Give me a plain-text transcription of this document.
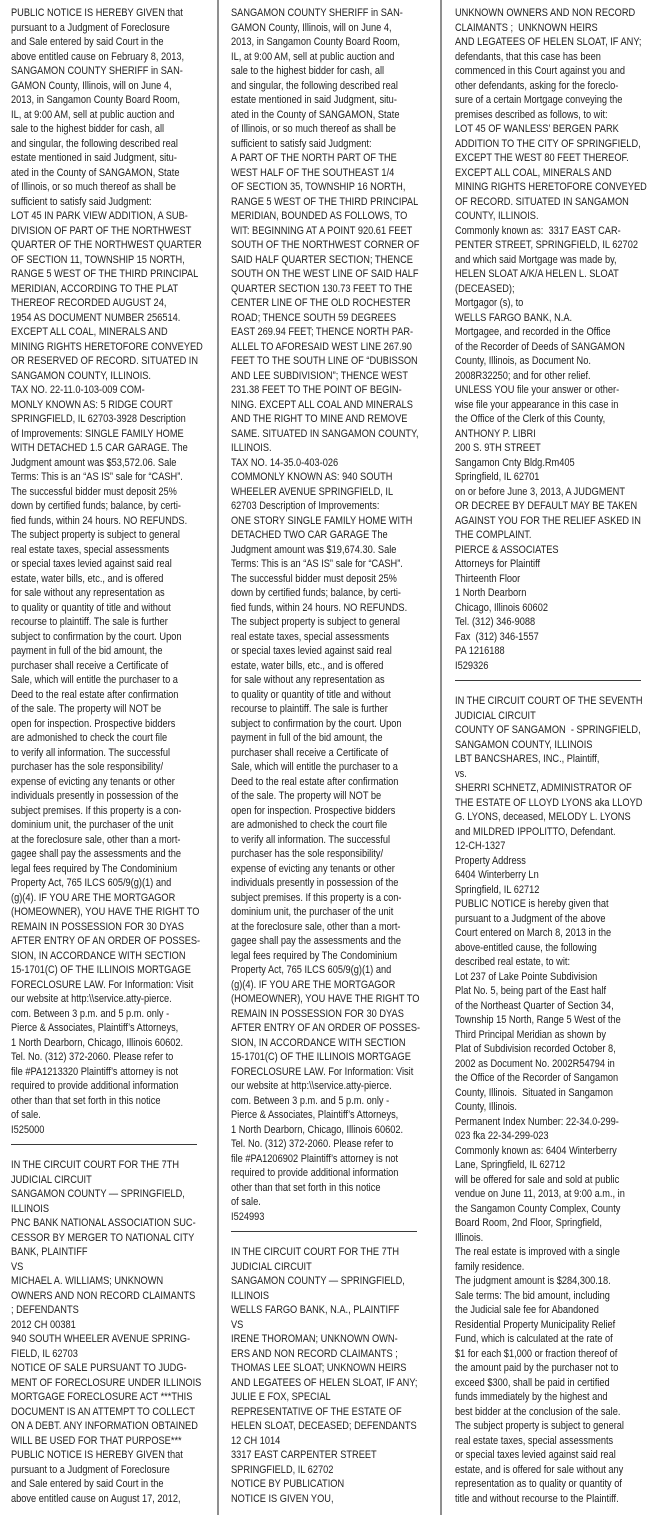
PUBLIC NOTICE IS HEREBY GIVEN that
pursuant to a Judgment of Foreclosure
and Sale entered by said Court in the
above entitled cause on February 8, 2013,
SANGAMON COUNTY SHERIFF in SAN-
GAMON County, Illinois, will on June 4,
2013, in Sangamon County Board Room,
IL, at 9:00 AM, sell at public auction and
sale to the highest bidder for cash, all
and singular, the following described real
estate mentioned in said Judgment, situ-
ated in the County of SANGAMON, State
of Illinois, or so much thereof as shall be
sufficient to satisfy said Judgment:
LOT 45 IN PARK VIEW ADDITION, A SUB-
DIVISION OF PART OF THE NORTHWEST
QUARTER OF THE NORTHWEST QUARTER
OF SECTION 11, TOWNSHIP 15 NORTH,
RANGE 5 WEST OF THE THIRD PRINCIPAL
MERIDIAN, ACCORDING TO THE PLAT
THEREOF RECORDED AUGUST 24,
1954 AS DOCUMENT NUMBER 256514.
EXCEPT ALL COAL, MINERALS AND
MINING RIGHTS HERETOFORE CONVEYED
OR RESERVED OF RECORD. SITUATED IN
SANGAMON COUNTY, ILLINOIS.
TAX NO. 22-11.0-103-009 COM-
MONLY KNOWN AS: 5 RIDGE COURT
SPRINGFIELD, IL 62703-3928 Description
of Improvements: SINGLE FAMILY HOME
WITH DETACHED 1.5 CAR GARAGE. The
Judgment amount was $53,572.06. Sale
Terms: This is an “AS IS” sale for “CASH”.
The successful bidder must deposit 25%
down by certified funds; balance, by certi-
fied funds, within 24 hours. NO REFUNDS.
The subject property is subject to general
real estate taxes, special assessments
or special taxes levied against said real
estate, water bills, etc., and is offered
for sale without any representation as
to quality or quantity of title and without
recourse to plaintiff. The sale is further
subject to confirmation by the court. Upon
payment in full of the bid amount, the
purchaser shall receive a Certificate of
Sale, which will entitle the purchaser to a
Deed to the real estate after confirmation
of the sale. The property will NOT be
open for inspection. Prospective bidders
are admonished to check the court file
to verify all information. The successful
purchaser has the sole responsibility/
expense of evicting any tenants or other
individuals presently in possession of the
subject premises. If this property is a con-
dominium unit, the purchaser of the unit
at the foreclosure sale, other than a mort-
gagee shall pay the assessments and the
legal fees required by The Condominium
Property Act, 765 ILCS 605/9(g)(1) and
(g)(4). IF YOU ARE THE MORTGAGOR
(HOMEOWNER), YOU HAVE THE RIGHT TO
REMAIN IN POSSESSION FOR 30 DYAS
AFTER ENTRY OF AN ORDER OF POSSES-
SION, IN ACCORDANCE WITH SECTION
15-1701(C) OF THE ILLINOIS MORTGAGE
FORECLOSURE LAW. For Information: Visit
our website at http:\\service.atty-pierce.
com. Between 3 p.m. and 5 p.m. only -
Pierce & Associates, Plaintiff’s Attorneys,
1 North Dearborn, Chicago, Illinois 60602.
Tel. No. (312) 372-2060. Please refer to
file #PA1213320 Plaintiff’s attorney is not
required to provide additional information
other than that set forth in this notice
of sale.
I525000
IN THE CIRCUIT COURT FOR THE 7TH
JUDICIAL CIRCUIT
SANGAMON COUNTY — SPRINGFIELD,
ILLINOIS
PNC BANK NATIONAL ASSOCIATION SUC-
CESSOR BY MERGER TO NATIONAL CITY
BANK, PLAINTIFF
VS
MICHAEL A. WILLIAMS; UNKNOWN
OWNERS AND NON RECORD CLAIMANTS
; DEFENDANTS
2012 CH 00381
940 SOUTH WHEELER AVENUE SPRING-
FIELD, IL 62703
NOTICE OF SALE PURSUANT TO JUDG-
MENT OF FORECLOSURE UNDER ILLINOIS
MORTGAGE FORECLOSURE ACT ***THIS
DOCUMENT IS AN ATTEMPT TO COLLECT
ON A DEBT. ANY INFORMATION OBTAINED
WILL BE USED FOR THAT PURPOSE***
PUBLIC NOTICE IS HEREBY GIVEN that
pursuant to a Judgment of Foreclosure
and Sale entered by said Court in the
above entitled cause on August 17, 2012,
SANGAMON COUNTY SHERIFF in SAN-
GAMON County, Illinois, will on June 4,
2013, in Sangamon County Board Room,
IL, at 9:00 AM, sell at public auction and
sale to the highest bidder for cash, all
and singular, the following described real
estate mentioned in said Judgment, situ-
ated in the County of SANGAMON, State
of Illinois, or so much thereof as shall be
sufficient to satisfy said Judgment:
A PART OF THE NORTH PART OF THE
WEST HALF OF THE SOUTHEAST 1/4
OF SECTION 35, TOWNSHIP 16 NORTH,
RANGE 5 WEST OF THE THIRD PRINCIPAL
MERIDIAN, BOUNDED AS FOLLOWS, TO
WIT: BEGINNING AT A POINT 920.61 FEET
SOUTH OF THE NORTHWEST CORNER OF
SAID HALF QUARTER SECTION; THENCE
SOUTH ON THE WEST LINE OF SAID HALF
QUARTER SECTION 130.73 FEET TO THE
CENTER LINE OF THE OLD ROCHESTER
ROAD; THENCE SOUTH 59 DEGREES
EAST 269.94 FEET; THENCE NORTH PAR-
ALLEL TO AFORESAID WEST LINE 267.90
FEET TO THE SOUTH LINE OF “DUBISSON
AND LEE SUBDIVISION”; THENCE WEST
231.38 FEET TO THE POINT OF BEGIN-
NING. EXCEPT ALL COAL AND MINERALS
AND THE RIGHT TO MINE AND REMOVE
SAME. SITUATED IN SANGAMON COUNTY,
ILLINOIS.
TAX NO. 14-35.0-403-026
COMMONLY KNOWN AS: 940 SOUTH
WHEELER AVENUE SPRINGFIELD, IL
62703 Description of Improvements:
ONE STORY SINGLE FAMILY HOME WITH
DETACHED TWO CAR GARAGE The
Judgment amount was $19,674.30. Sale
Terms: This is an “AS IS” sale for “CASH”.
The successful bidder must deposit 25%
down by certified funds; balance, by certi-
fied funds, within 24 hours. NO REFUNDS.
The subject property is subject to general
real estate taxes, special assessments
or special taxes levied against said real
estate, water bills, etc., and is offered
for sale without any representation as
to quality or quantity of title and without
recourse to plaintiff. The sale is further
subject to confirmation by the court. Upon
payment in full of the bid amount, the
purchaser shall receive a Certificate of
Sale, which will entitle the purchaser to a
Deed to the real estate after confirmation
of the sale. The property will NOT be
open for inspection. Prospective bidders
are admonished to check the court file
to verify all information. The successful
purchaser has the sole responsibility/
expense of evicting any tenants or other
individuals presently in possession of the
subject premises. If this property is a con-
dominium unit, the purchaser of the unit
at the foreclosure sale, other than a mort-
gagee shall pay the assessments and the
legal fees required by The Condominium
Property Act, 765 ILCS 605/9(g)(1) and
(g)(4). IF YOU ARE THE MORTGAGOR
(HOMEOWNER), YOU HAVE THE RIGHT TO
REMAIN IN POSSESSION FOR 30 DYAS
AFTER ENTRY OF AN ORDER OF POSSES-
SION, IN ACCORDANCE WITH SECTION
15-1701(C) OF THE ILLINOIS MORTGAGE
FORECLOSURE LAW. For Information: Visit
our website at http:\\service.atty-pierce.
com. Between 3 p.m. and 5 p.m. only -
Pierce & Associates, Plaintiff’s Attorneys,
1 North Dearborn, Chicago, Illinois 60602.
Tel. No. (312) 372-2060. Please refer to
file #PA1206902 Plaintiff’s attorney is not
required to provide additional information
other than that set forth in this notice
of sale.
I524993
IN THE CIRCUIT COURT FOR THE 7TH
JUDICIAL CIRCUIT
SANGAMON COUNTY — SPRINGFIELD,
ILLINOIS
WELLS FARGO BANK, N.A., PLAINTIFF
VS
IRENE THOROMAN; UNKNOWN OWN-
ERS AND NON RECORD CLAIMANTS ;
THOMAS LEE SLOAT; UNKNOWN HEIRS
AND LEGATEES OF HELEN SLOAT, IF ANY;
JULIE E FOX, SPECIAL
REPRESENTATIVE OF THE ESTATE OF
HELEN SLOAT, DECEASED; DEFENDANTS
12 CH 1014
3317 EAST CARPENTER STREET
SPRINGFIELD, IL 62702
NOTICE BY PUBLICATION
NOTICE IS GIVEN YOU,
UNKNOWN OWNERS AND NON RECORD
CLAIMANTS ;  UNKNOWN HEIRS
AND LEGATEES OF HELEN SLOAT, IF ANY;
defendants, that this case has been
commenced in this Court against you and
other defendants, asking for the foreclo-
sure of a certain Mortgage conveying the
premises described as follows, to wit:
LOT 45 OF WANLESS’ BERGEN PARK
ADDITION TO THE CITY OF SPRINGFIELD,
EXCEPT THE WEST 80 FEET THEREOF.
EXCEPT ALL COAL, MINERALS AND
MINING RIGHTS HERETOFORE CONVEYED
OF RECORD. SITUATED IN SANGAMON
COUNTY, ILLINOIS.
Commonly known as:  3317 EAST CAR-
PENTER STREET, SPRINGFIELD, IL 62702
and which said Mortgage was made by,
HELEN SLOAT A/K/A HELEN L. SLOAT
(DECEASED);
Mortgagor (s), to
WELLS FARGO BANK, N.A.
Mortgagee, and recorded in the Office
of the Recorder of Deeds of SANGAMON
County, Illinois, as Document No.
2008R32250; and for other relief.
UNLESS YOU file your answer or other-
wise file your appearance in this case in
the Office of the Clerk of this County,
ANTHONY P. LIBRI
200 S. 9TH STREET
Sangamon Cnty Bldg.Rm405
Springfield, IL 62701
on or before June 3, 2013, A JUDGMENT
OR DECREE BY DEFAULT MAY BE TAKEN
AGAINST YOU FOR THE RELIEF ASKED IN
THE COMPLAINT.
PIERCE & ASSOCIATES
Attorneys for Plaintiff
Thirteenth Floor
1 North Dearborn
Chicago, Illinois 60602
Tel. (312) 346-9088
Fax  (312) 346-1557
PA 1216188
I529326
IN THE CIRCUIT COURT OF THE SEVENTH
JUDICIAL CIRCUIT
COUNTY OF SANGAMON  - SPRINGFIELD,
SANGAMON COUNTY, ILLINOIS
LBT BANCSHARES, INC., Plaintiff,
vs.
SHERRI SCHNETZ, ADMINISTRATOR OF
THE ESTATE OF LLOYD LYONS aka LLOYD
G. LYONS, deceased, MELODY L. LYONS
and MILDRED IPPOLITTO, Defendant.
12-CH-1327
Property Address
6404 Winterberry Ln
Springfield, IL 62712
PUBLIC NOTICE is hereby given that
pursuant to a Judgment of the above
Court entered on March 8, 2013 in the
above-entitled cause, the following
described real estate, to wit:
Lot 237 of Lake Pointe Subdivision
Plat No. 5, being part of the East half
of the Northeast Quarter of Section 34,
Township 15 North, Range 5 West of the
Third Principal Meridian as shown by
Plat of Subdivision recorded October 8,
2002 as Document No. 2002R54794 in
the Office of the Recorder of Sangamon
County, Illinois.  Situated in Sangamon
County, Illinois.
Permanent Index Number: 22-34.0-299-
023 fka 22-34-299-023
Commonly known as: 6404 Winterberry
Lane, Springfield, IL 62712
will be offered for sale and sold at public
vendue on June 11, 2013, at 9:00 a.m., in
the Sangamon County Complex, County
Board Room, 2nd Floor, Springfield,
Illinois.
The real estate is improved with a single
family residence.
The judgment amount is $284,300.18.
Sale terms: The bid amount, including
the Judicial sale fee for Abandoned
Residential Property Municipality Relief
Fund, which is calculated at the rate of
$1 for each $1,000 or fraction thereof of
the amount paid by the purchaser not to
exceed $300, shall be paid in certified
funds immediately by the highest and
best bidder at the conclusion of the sale.
The subject property is subject to general
real estate taxes, special assessments
or special taxes levied against said real
estate, and is offered for sale without any
representation as to quality or quantity of
title and without recourse to the Plaintiff.
